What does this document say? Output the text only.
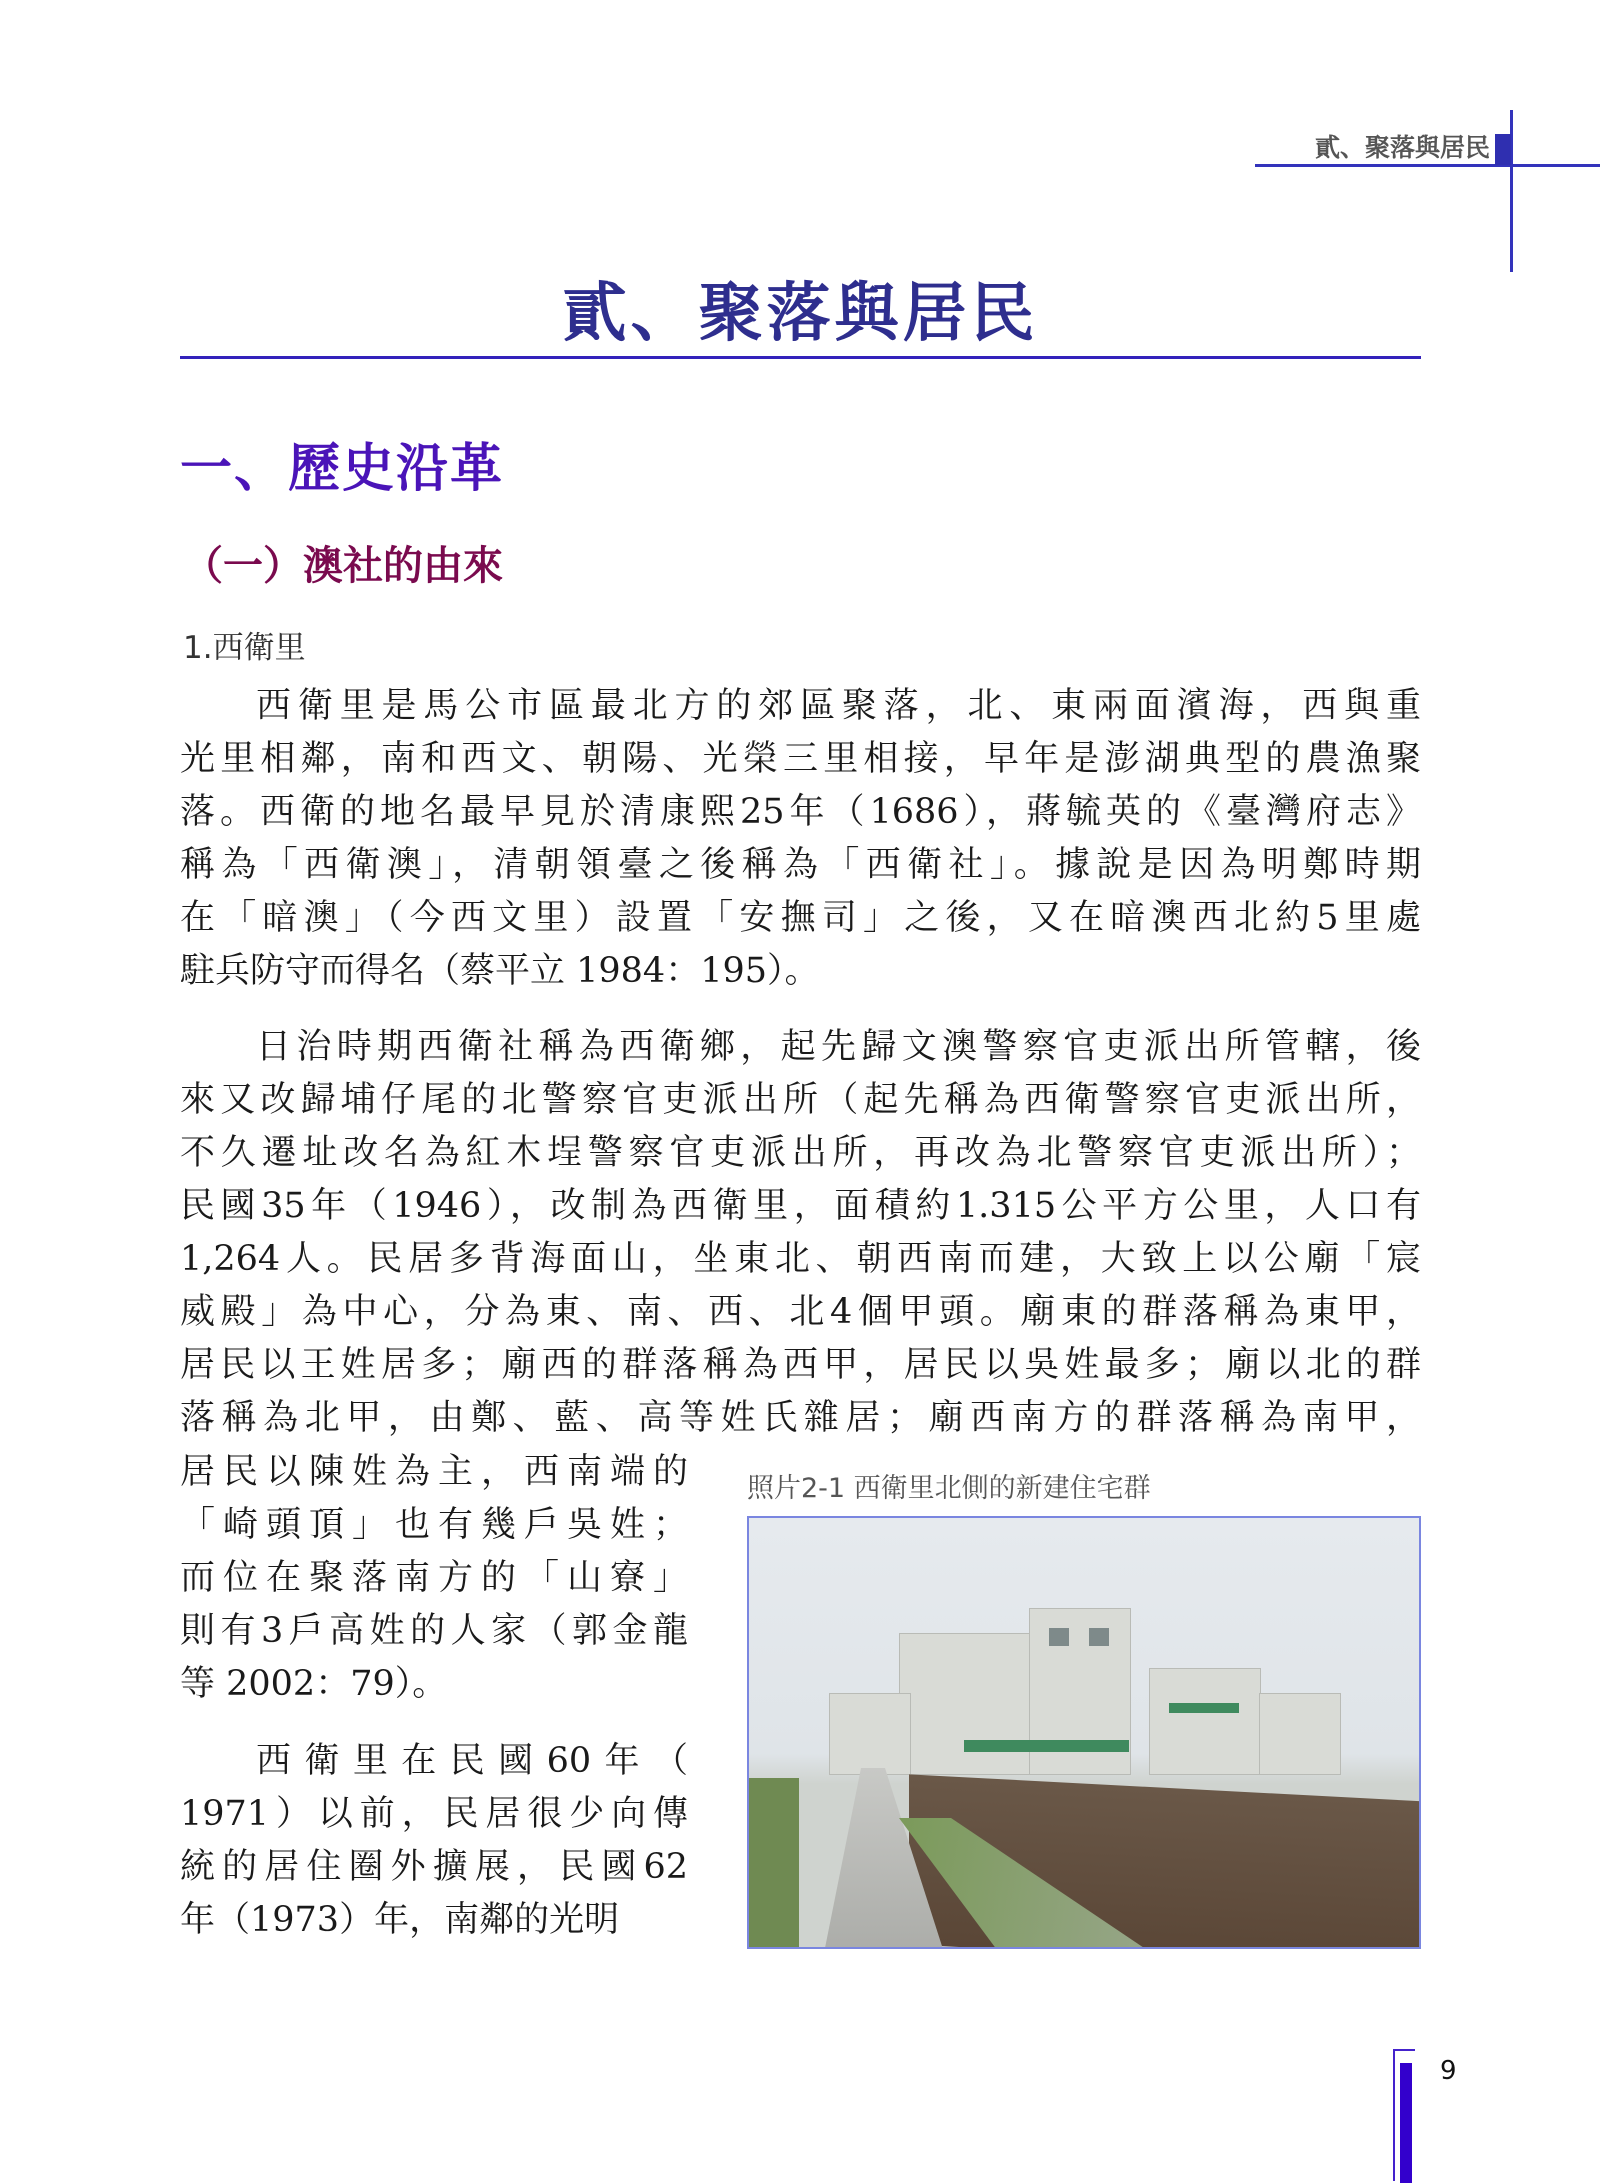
貳、聚落與居民
貳、聚落與居民
一、歷史沿革
（一）澳社的由來
1.西衛里
西衛里是馬公市區最北方的郊區聚落，北、東兩面濱海，西與重
光里相鄰，南和西文、朝陽、光榮三里相接，早年是澎湖典型的農漁聚
落。西衛的地名最早見於清康熙25年（1686），蔣毓英的《臺灣府志》
稱為「西衛澳」，清朝領臺之後稱為「西衛社」。據說是因為明鄭時期
在「暗澳」（今西文里）設置「安撫司」之後，又在暗澳西北約5里處
駐兵防守而得名（蔡平立 1984：195）。
日治時期西衛社稱為西衛鄉，起先歸文澳警察官吏派出所管轄，後
來又改歸埔仔尾的北警察官吏派出所（起先稱為西衛警察官吏派出所，
不久遷址改名為紅木埕警察官吏派出所，再改為北警察官吏派出所）；
民國35年（1946），改制為西衛里，面積約1.315公平方公里，人口有
1,264人。民居多背海面山，坐東北、朝西南而建，大致上以公廟「宸
威殿」為中心，分為東、南、西、北4個甲頭。廟東的群落稱為東甲，
居民以王姓居多；廟西的群落稱為西甲，居民以吳姓最多；廟以北的群
落稱為北甲，由鄭、藍、高等姓氏雜居；廟西南方的群落稱為南甲，
居民以陳姓為主，西南端的
「崎頭頂」也有幾戶吳姓；
而位在聚落南方的「山寮」
則有3戶高姓的人家（郭金龍
等 2002：79）。
西衛里在民國60年（
1971）以前，民居很少向傳
統的居住圈外擴展，民國62
年（1973）年，南鄰的光明
照片2-1 西衛里北側的新建住宅群
9
